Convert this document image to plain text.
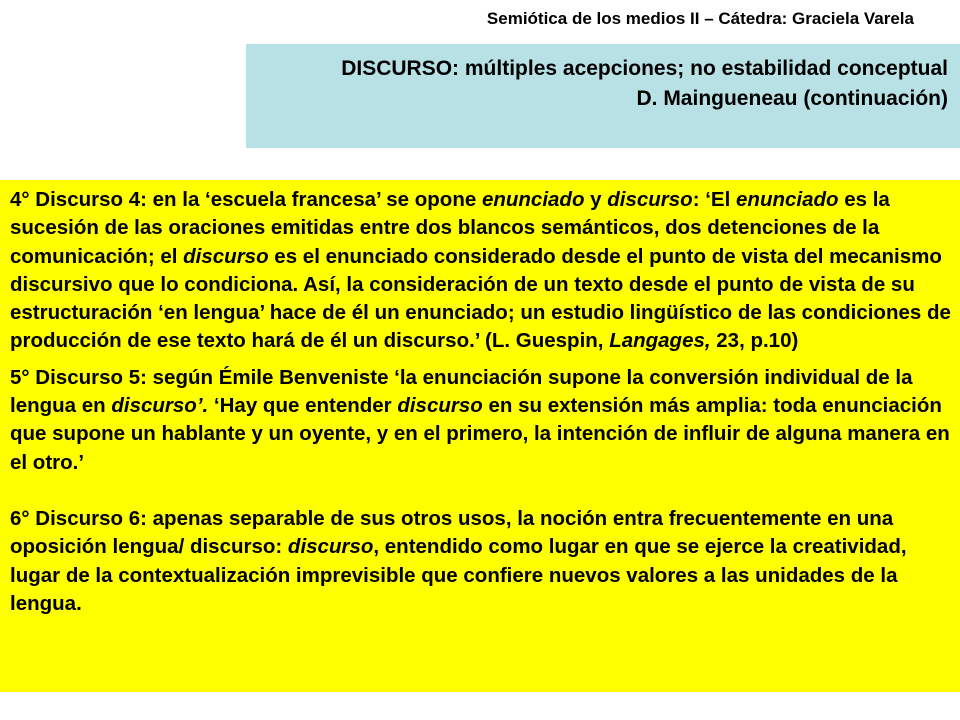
Semiótica de los medios II – Cátedra: Graciela Varela
DISCURSO: múltiples acepciones; no estabilidad conceptual
D. Maingueneau (continuación)

4° Discurso 4: en la ‘escuela francesa’ se opone enunciado y discurso: ‘El enunciado es la sucesión de las oraciones emitidas entre dos blancos semánticos, dos detenciones de la comunicación; el discurso es el enunciado considerado desde el punto de vista del mecanismo discursivo que lo condiciona. Así, la consideración de un texto desde el punto de vista de su estructuración ‘en lengua’ hace de él un enunciado; un estudio lingüístico de las condiciones de producción de ese texto hará de él un discurso.’ (L. Guespin, Langages, 23, p.10)

5° Discurso 5: según Émile Benveniste ‘la enunciación supone la conversión individual de la lengua en discurso’. ‘Hay que entender discurso en su extensión más amplia: toda enunciación que supone un hablante y un oyente, y en el primero, la intención de influir de alguna manera en el otro.’

6° Discurso 6: apenas separable de sus otros usos, la noción entra frecuentemente en una oposición lengua/ discurso: discurso, entendido como lugar en que se ejerce la creatividad, lugar de la contextualización imprevisible que confiere nuevos valores a las unidades de la lengua.
